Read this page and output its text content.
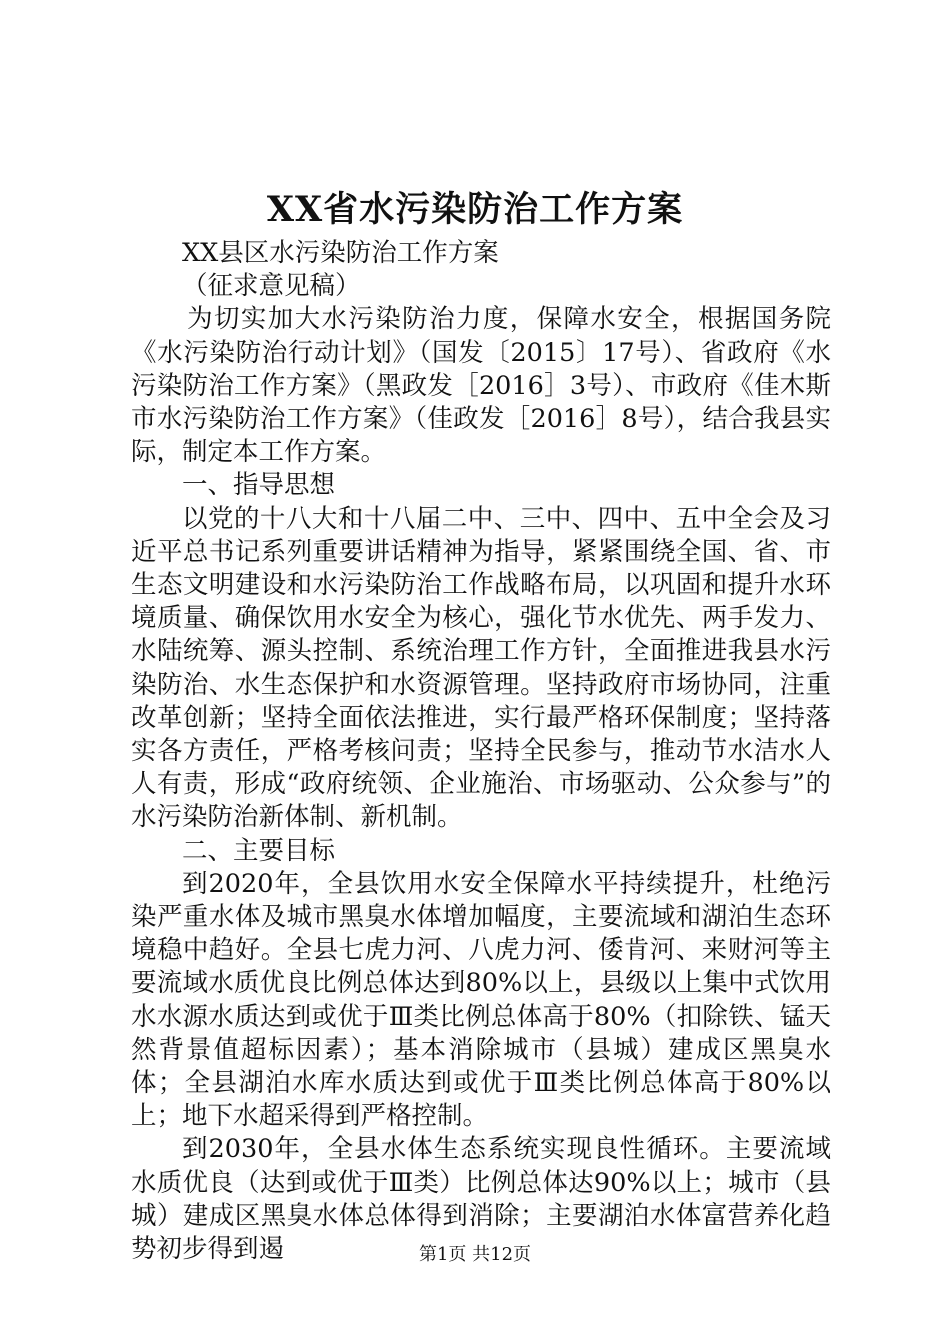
XX省水污染防治工作方案

XX县区水污染防治工作方案

（征求意见稿）

为切实加大水污染防治力度，保障水安全，根据国务院《水污染防治行动计划》（国发〔2015〕17号）、省政府《水污染防治工作方案》（黑政发［2016］3号）、市政府《佳木斯市水污染防治工作方案》（佳政发［2016］8号），结合我县实际，制定本工作方案。

一、指导思想

以党的十八大和十八届二中、三中、四中、五中全会及习近平总书记系列重要讲话精神为指导，紧紧围绕全国、省、市生态文明建设和水污染防治工作战略布局，以巩固和提升水环境质量、确保饮用水安全为核心，强化节水优先、两手发力、水陆统筹、源头控制、系统治理工作方针，全面推进我县水污染防治、水生态保护和水资源管理。坚持政府市场协同，注重改革创新；坚持全面依法推进，实行最严格环保制度；坚持落实各方责任，严格考核问责；坚持全民参与，推动节水洁水人人有责，形成“政府统领、企业施治、市场驱动、公众参与”的水污染防治新体制、新机制。

二、主要目标

到2020年，全县饮用水安全保障水平持续提升，杜绝污染严重水体及城市黑臭水体增加幅度，主要流域和湖泊生态环境稳中趋好。全县七虎力河、八虎力河、倭肯河、来财河等主要流域水质优良比例总体达到80%以上，县级以上集中式饮用水水源水质达到或优于Ⅲ类比例总体高于80%（扣除铁、锰天然背景值超标因素）；基本消除城市（县城）建成区黑臭水体；全县湖泊水库水质达到或优于Ⅲ类比例总体高于80%以上；地下水超采得到严格控制。

到2030年，全县水体生态系统实现良性循环。主要流域水质优良（达到或优于Ⅲ类）比例总体达90%以上；城市（县城）建成区黑臭水体总体得到消除；主要湖泊水体富营养化趋势初步得到遏	第1页 共12页
